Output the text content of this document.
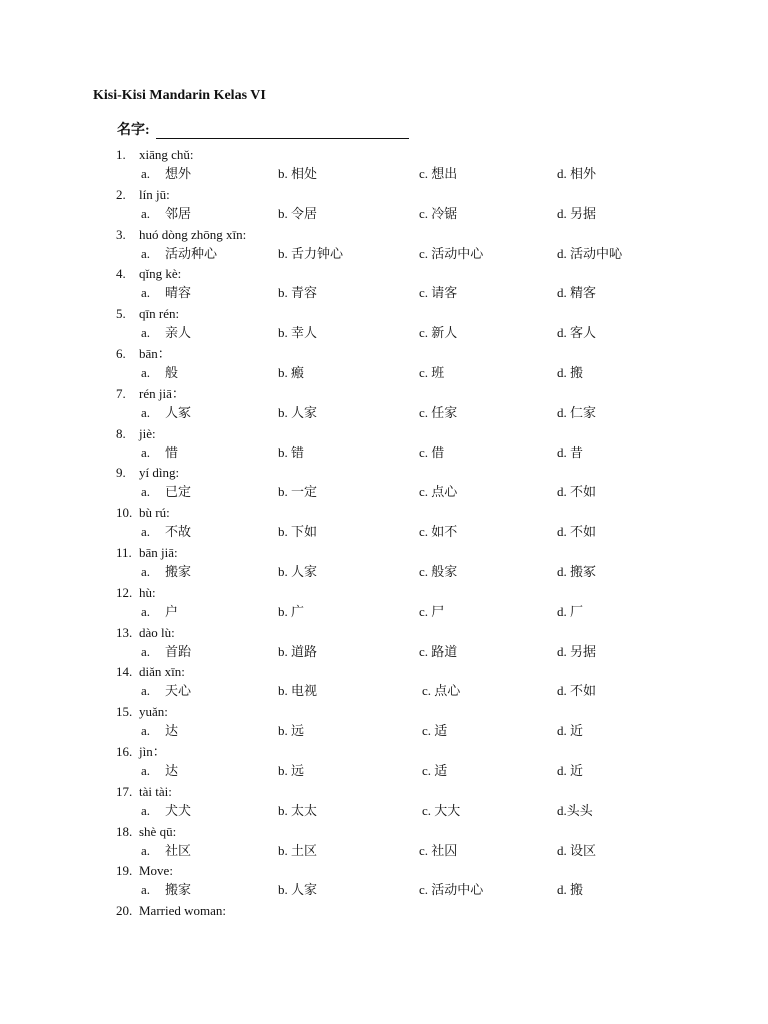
Kisi-Kisi Mandarin Kelas VI
名字:
1. xiāng chǔ:
a. 想外	b. 相处	c. 想出	d. 相外
2. lín jū:
a. 邻居	b. 令居	c. 冷锯	d. 另据
3. huó dòng zhōng xīn:
a. 活动种心	b. 舌力钟心	c. 活动中心	d. 活动中吣
4. qǐng kè:
a. 晴容	b. 青容	c. 请客	d. 精客
5. qīn rén:
a. 亲人	b. 幸人	c. 新人	d. 客人
6. bān：
a. 般	b. 瘢	c. 班	d. 搬
7. rén jiā：
a. 人冢	b. 人家	c. 任家	d. 仁家
8. jiè:
a. 惜	b. 错	c. 借	d. 昔
9. yí dìng:
a. 已定	b. 一定	c. 点心	d. 不如
10. bù rú:
a. 不故	b. 下如	c. 如不	d. 不如
11. bān jiā:
a. 搬家	b. 人家	c. 般家	d. 搬冢
12. hù:
a. 户	b. 广	c. 尸	d. 厂
13. dào lù:
a. 首跆	b. 道路	c. 路道	d. 另据
14. diǎn xīn:
a. 天心	b. 电视	c. 点心	d. 不如
15. yuǎn:
a. 达	b. 远	c. 适	d. 近
16. jìn：
a. 达	b. 远	c. 适	d. 近
17. tài tài:
a. 犬犬	b. 太太	c. 大大	d.头头
18. shè qū:
a. 社区	b. 土区	c. 社囚	d. 设区
19. Move:
a. 搬家	b. 人家	c. 活动中心	d. 搬
20. Married woman:
